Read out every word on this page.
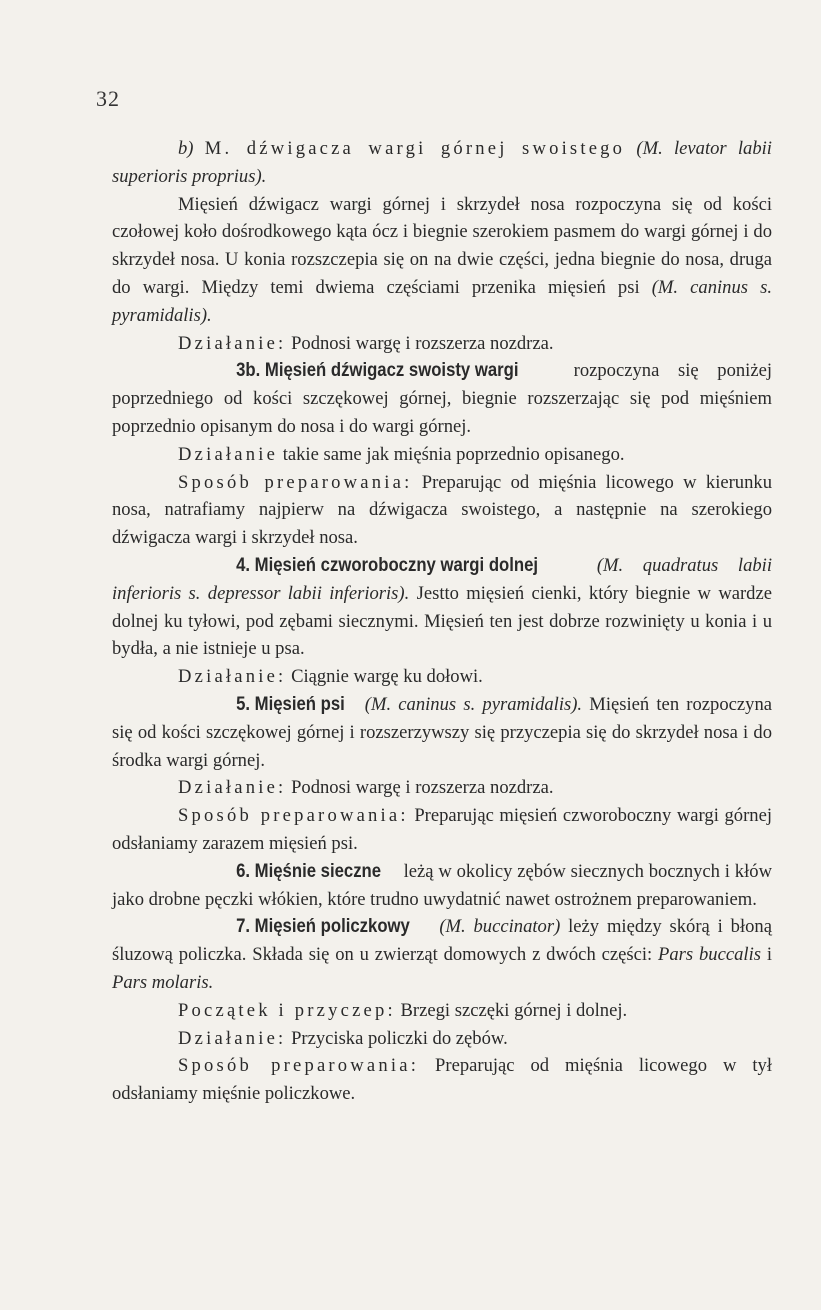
32

b) M. dźwigacza wargi górnej swoistego (M. levator labii superioris proprius).

Mięsień dźwigacz wargi górnej i skrzydeł nosa rozpoczyna się od kości czołowej koło dośrodkowego kąta ócz i biegnie szerokiem pasmem do wargi górnej i do skrzydeł nosa. U konia rozszczepia się on na dwie części, jedna biegnie do nosa, druga do wargi. Między temi dwiema częściami przenika mięsień psi (M. caninus s. pyramidalis).

Działanie: Podnosi wargę i rozszerza nozdrza.

3b. Mięsień dźwigacz swoisty wargi	rozpoczyna się poniżej poprzedniego od kości szczękowej górnej, biegnie rozszerzając się pod mięśniem poprzednio opisanym do nosa i do wargi górnej.

Działanie takie same jak mięśnia poprzednio opisanego.

Sposób preparowania: Preparując od mięśnia licowego w kierunku nosa, natrafiamy najpierw na dźwigacza swoistego, a następnie na szerokiego dźwigacza wargi i skrzydeł nosa.

4. Mięsień czworoboczny wargi dolnej	(M. quadratus labii inferioris s. depressor labii inferioris). Jestto mięsień cienki, który biegnie w wardze dolnej ku tyłowi, pod zębami siecznymi. Mięsień ten jest dobrze rozwinięty u konia i u bydła, a nie istnieje u psa.

Działanie: Ciągnie wargę ku dołowi.

5. Mięsień psi (M. caninus s. pyramidalis). Mięsień ten rozpoczyna się od kości szczękowej górnej i rozszerzywszy się przyczepia się do skrzydeł nosa i do środka wargi górnej.

Działanie: Podnosi wargę i rozszerza nozdrza.

Sposób preparowania: Preparując mięsień czworoboczny wargi górnej odsłaniamy zarazem mięsień psi.

6. Mięśnie sieczne leżą w okolicy zębów siecznych bocznych i kłów jako drobne pęczki włókien, które trudno uwydatnić nawet ostrożnem preparowaniem.

7. Mięsień policzkowy (M. buccinator) leży między skórą i błoną śluzową policzka. Składa się on u zwierząt domowych z dwóch części: Pars buccalis i Pars molaris.

Początek i przyczep: Brzegi szczęki górnej i dolnej.

Działanie: Przyciska policzki do zębów.

Sposób preparowania: Preparując od mięśnia licowego w tył odsłaniamy mięśnie policzkowe.
